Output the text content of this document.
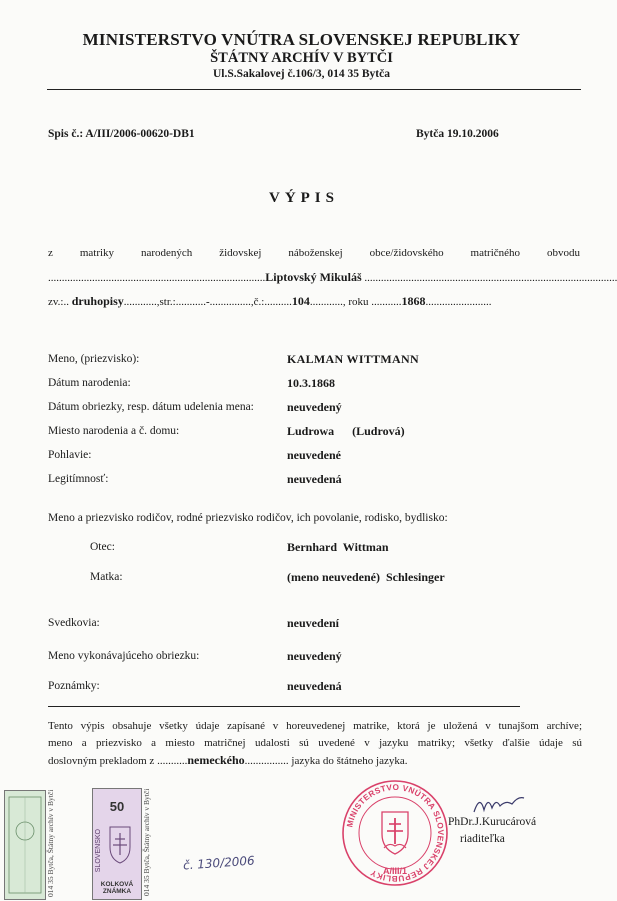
MINISTERSTVO VNÚTRA SLOVENSKEJ REPUBLIKY
ŠTÁTNY ARCHÍV V BYTČI
Ul.S.Sakalovej č.106/3, 014 35 Bytča
Spis č.: A/III/2006-00620-DB1	Bytča 19.10.2006
VÝPIS
z matriky narodených židovskej náboženskej obce/židovského matričného obvodu
...............................................................................Liptovský Mikuláš ............................................................................................
zv.:.. druhopisy............,str.:...........-...............,č.:..........104............, roku ...........1868........................
Meno, (priezvisko):	KALMAN WITTMANN
Dátum narodenia:	10.3.1868
Dátum obriezky, resp. dátum udelenia mena:	neuvedený
Miesto narodenia a č. domu:	Ludrowa      (Ludrová)
Pohlavie:	neuvedené
Legitímnosť:	neuvedená
Meno a priezvisko rodičov, rodné priezvisko rodičov, ich povolanie, rodisko, bydlisko:
Otec:	Bernhard  Wittman
Matka:	(meno neuvedené)  Schlesinger
Svedkovia:	neuvedení
Meno vykonávajúceho obriezku:	neuvedený
Poznámky:	neuvedená
Tento výpis obsahuje všetky údaje zapísané v horeuvedenej matrike, ktorá je uložená v tunajšom archíve;
meno a priezvisko a miesto matričnej udalosti sú uvedené v jazyku matriky; všetky ďalšie údaje sú
doslovným prekladom z ...........nemeckého................ jazyka do štátneho jazyka.
014 35 Bytča, Štátny archív v Bytči	50
SLOVENSKO
KOLKOVÁ ZNÁMKA	014 35 Bytča, Štátny archív v Bytči	č. 130/2006
MINISTERSTVO VNÚTRA SLOVENSKEJ REPUBLIKY A/III/1
PhDr.J.Kurucárová
riaditeľka
